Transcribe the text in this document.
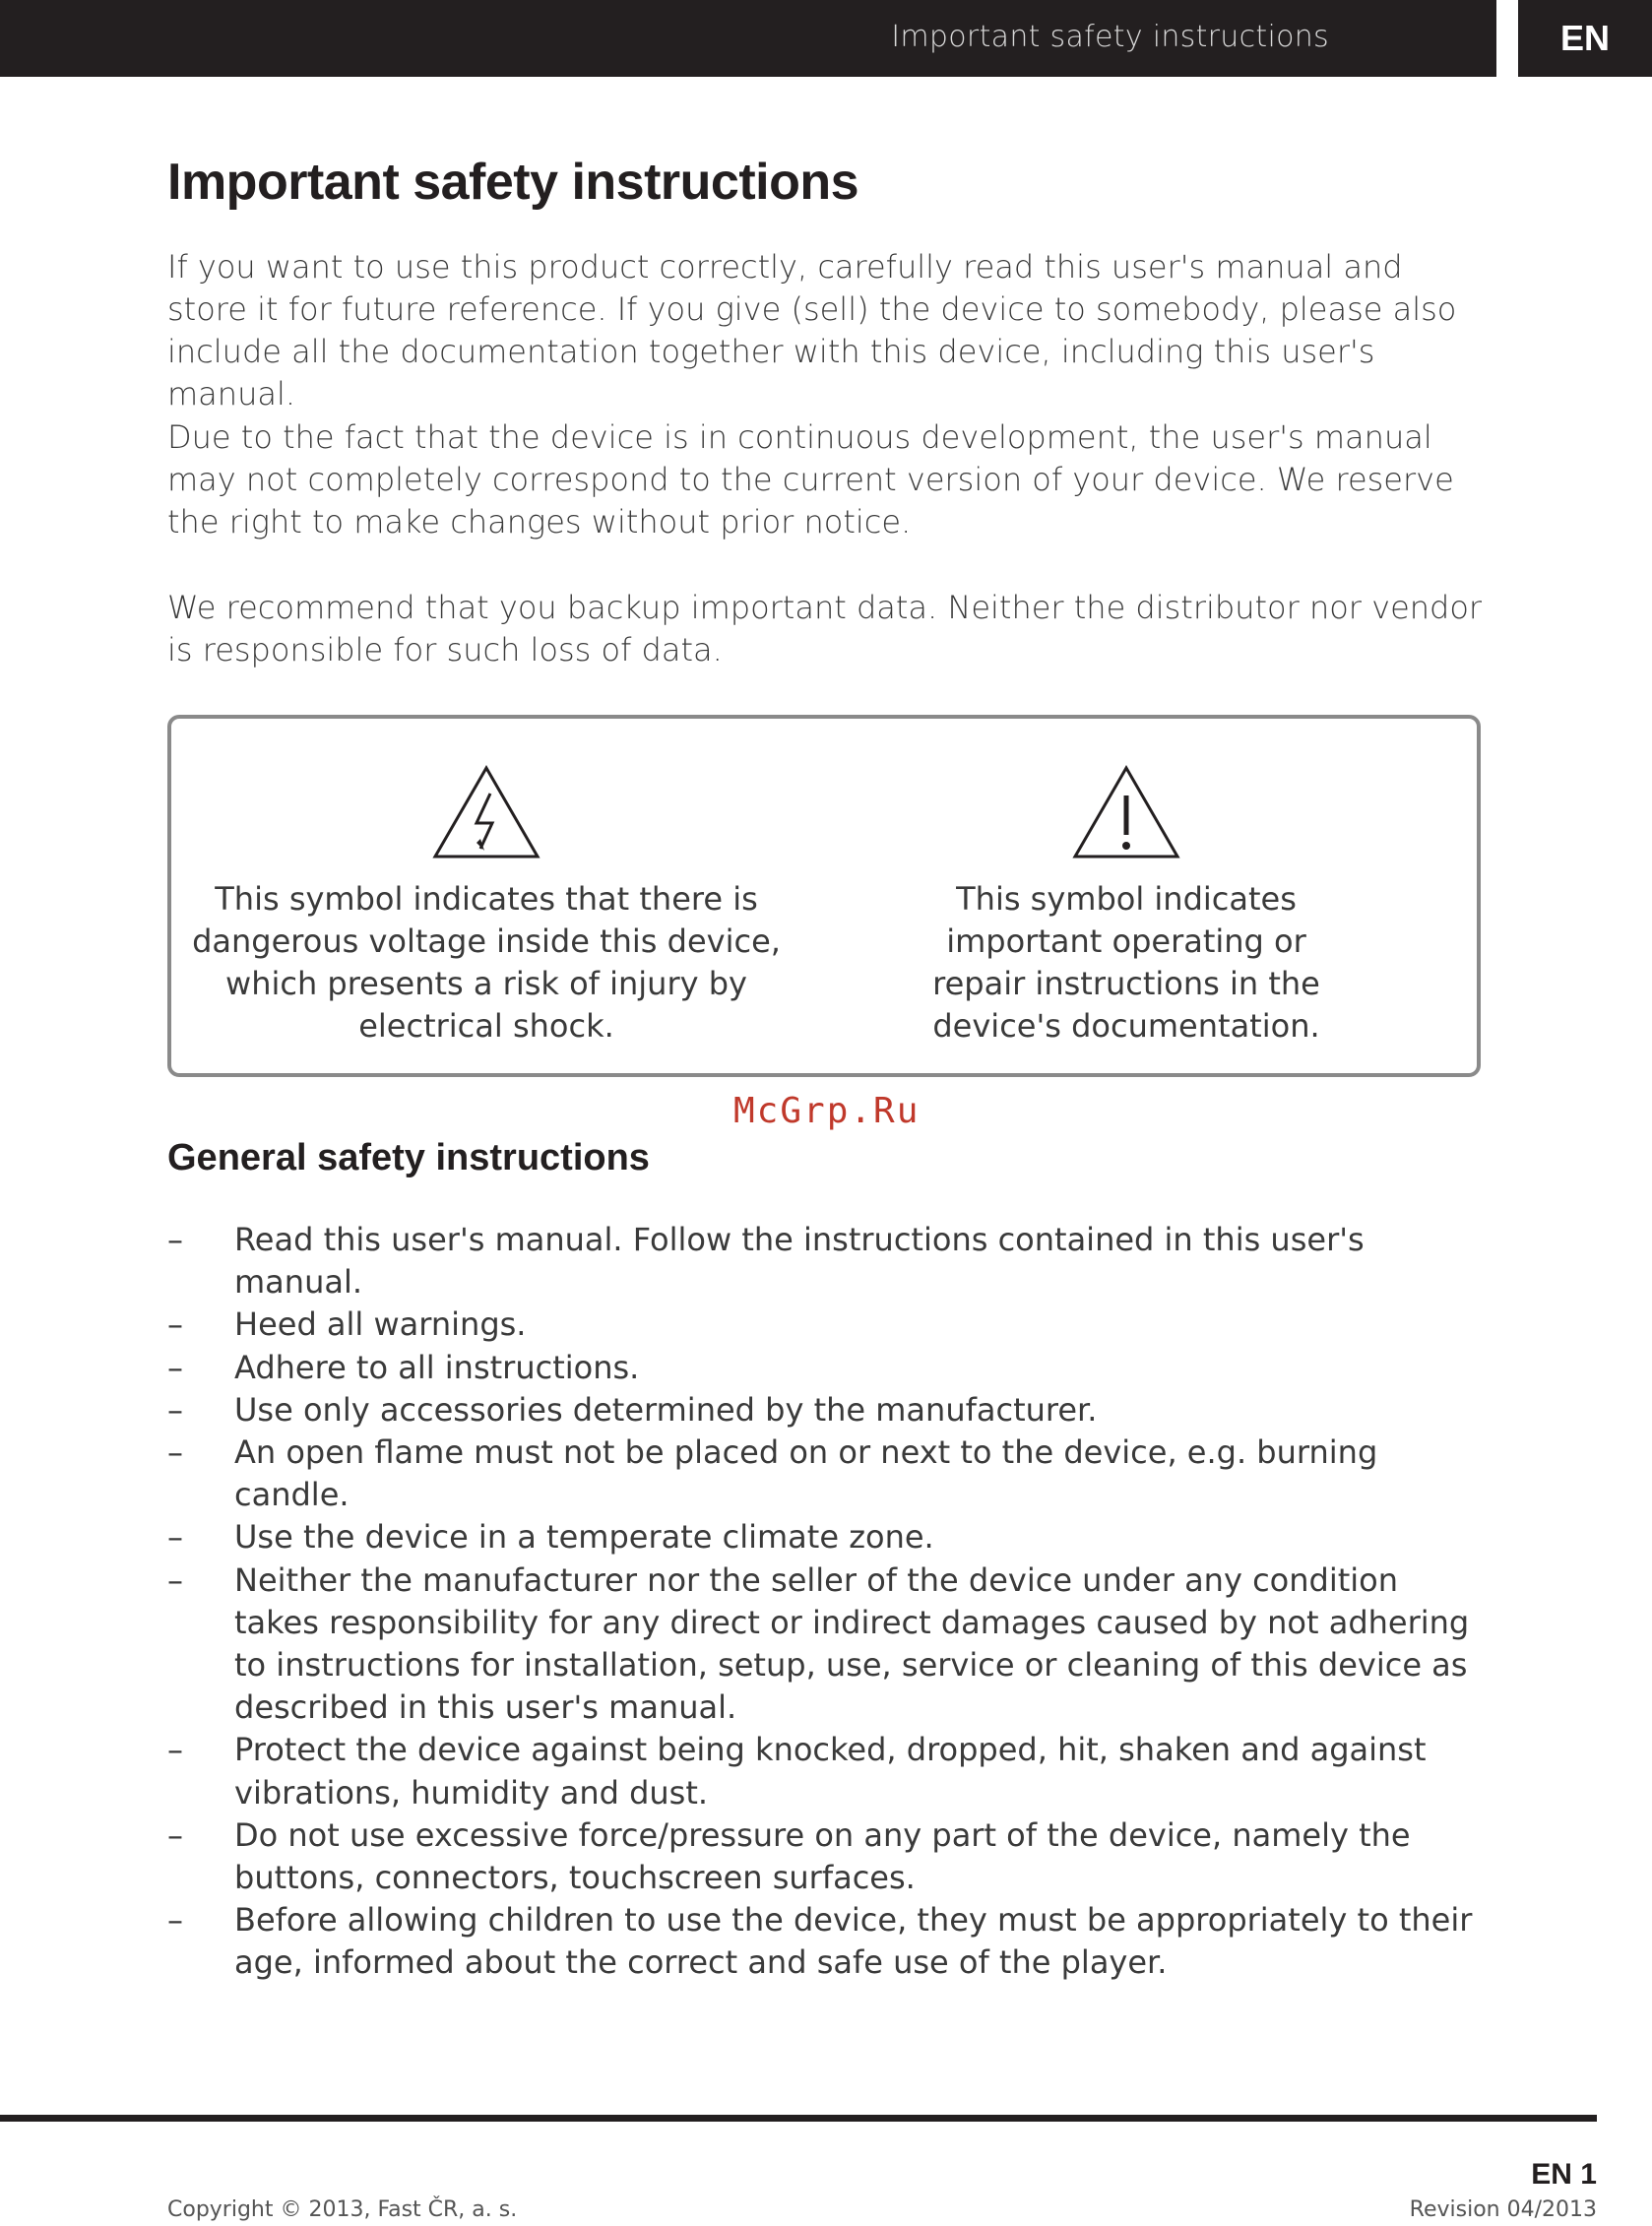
Important safety instructions	EN
Important safety instructions

If you want to use this product correctly, carefully read this user's manual and store it for future reference. If you give (sell) the device to somebody, please also include all the documentation together with this device, including this user's manual.

Due to the fact that the device is in continuous development, the user's manual may not completely correspond to the current version of your device. We reserve the right to make changes without prior notice.

We recommend that you backup important data. Neither the distributor nor vendor is responsible for such loss of data.

This symbol indicates that there is dangerous voltage inside this device, which presents a risk of injury by electrical shock.
This symbol indicates important operating or repair instructions in the device's documentation.
McGrp.Ru
General safety instructions
–	Read this user's manual. Follow the instructions contained in this user's manual.
–	Heed all warnings.
–	Adhere to all instructions.
–	Use only accessories determined by the manufacturer.
–	An open flame must not be placed on or next to the device, e.g. burning candle.
–	Use the device in a temperate climate zone.
–	Neither the manufacturer nor the seller of the device under any condition takes responsibility for any direct or indirect damages caused by not adhering to instructions for installation, setup, use, service or cleaning of this device as described in this user's manual.
–	Protect the device against being knocked, dropped, hit, shaken and against vibrations, humidity and dust.
–	Do not use excessive force/pressure on any part of the device, namely the buttons, connectors, touchscreen surfaces.
–	Before allowing children to use the device, they must be appropriately to their age, informed about the correct and safe use of the player.
EN 1
Copyright © 2013, Fast ČR, a. s.	Revision 04/2013
